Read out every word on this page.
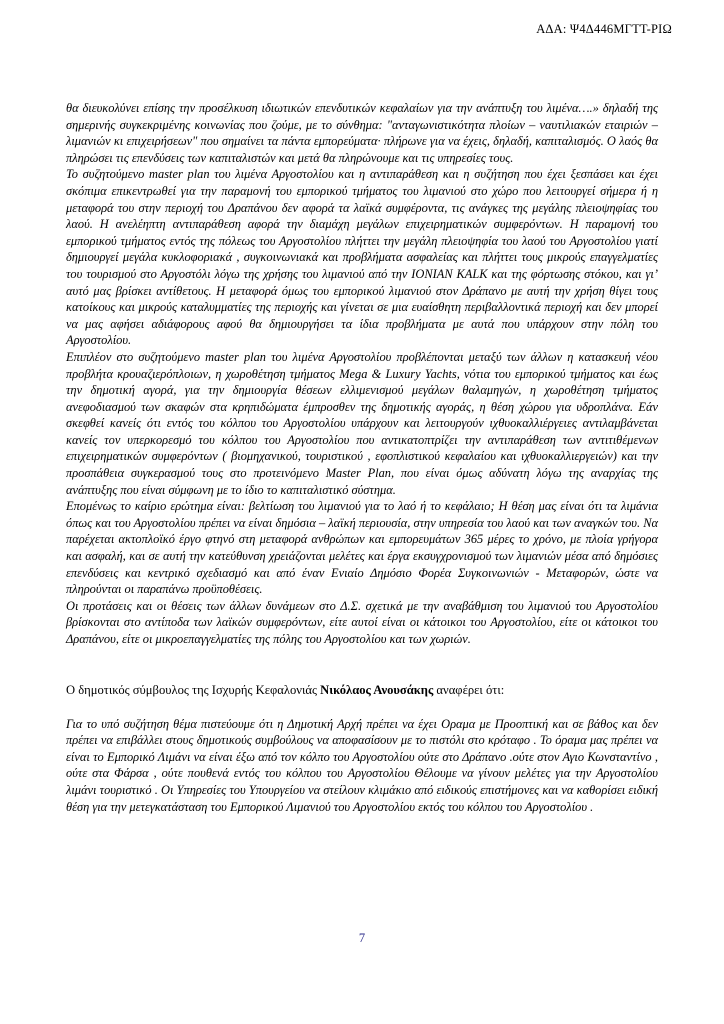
ΑΔΑ: Ψ4Δ446ΜΓΤΤ-ΡΙΩ

θα διευκολύνει επίσης την προσέλκυση ιδιωτικών επενδυτικών κεφαλαίων για την ανάπτυξη του λιμένα….» δηλαδή της σημερινής συγκεκριμένης κοινωνίας που ζούμε, με το σύνθημα: "ανταγωνιστικότητα πλοίων – ναυτιλιακών εταιριών – λιμανιών κι επιχειρήσεων" που σημαίνει τα πάντα εμπορεύματα· πλήρωνε για να έχεις, δηλαδή, καπιταλισμός. Ο λαός θα πληρώσει τις επενδύσεις των καπιταλιστών και μετά θα πληρώνουμε και τις υπηρεσίες τους.

Το συζητούμενο master plan του λιμένα Αργοστολίου και η αντιπαράθεση και η συζήτηση που έχει ξεσπάσει και έχει σκόπιμα επικεντρωθεί για την παραμονή του εμπορικού τμήματος του λιμανιού στο χώρο που λειτουργεί σήμερα ή η μεταφορά του στην περιοχή του Δραπάνου δεν αφορά τα λαϊκά συμφέροντα, τις ανάγκες της μεγάλης πλειοψηφίας του λαού. Η ανελέηπτη αντιπαράθεση αφορά την διαμάχη μεγάλων επιχειρηματικών συμφερόντων. Η παραμονή του εμπορικού τμήματος εντός της πόλεως του Αργοστολίου πλήττει την μεγάλη πλειοψηφία του λαού του Αργοστολίου γιατί δημιουργεί μεγάλα κυκλοφοριακά , συγκοινωνιακά και προβλήματα ασφαλείας και πλήττει τους μικρούς επαγγελματίες του τουρισμού στο Αργοστόλι λόγω της χρήσης του λιμανιού από την IONIAN KALK και της φόρτωσης στόκου, και γι’ αυτό μας βρίσκει αντίθετους. Η μεταφορά όμως του εμπορικού λιμανιού στον Δράπανο με αυτή την χρήση θίγει τους κατοίκους και μικρούς καταλυμματίες της περιοχής και γίνεται σε μια ευαίσθητη περιβαλλοντικά περιοχή και δεν μπορεί να μας αφήσει αδιάφορους αφού θα δημιουργήσει τα ίδια προβλήματα με αυτά που υπάρχουν στην πόλη του Αργοστολίου.

Επιπλέον στο συζητούμενο master plan του λιμένα Αργοστολίου προβλέπονται μεταξύ των άλλων η κατασκευή νέου προβλήτα κρουαζιερόπλοιων, η χωροθέτηση τμήματος Mega & Luxury Yachts, νότια του εμπορικού τμήματος και έως την δημοτική αγορά, για την δημιουργία θέσεων ελλιμενισμού μεγάλων θαλαμηγών, η χωροθέτηση τμήματος ανεφοδιασμού των σκαφών στα κρηπιδώματα έμπροσθεν της δημοτικής αγοράς, η θέση χώρου για υδροπλάνα. Εάν σκεφθεί κανείς ότι εντός του κόλπου του Αργοστολίου υπάρχουν και λειτουργούν ιχθυοκαλλιέργειες αντιλαμβάνεται κανείς τον υπερκορεσμό του κόλπου του Αργοστολίου που αντικατοπτρίζει την αντιπαράθεση των αντιτιθέμενων επιχειρηματικών συμφερόντων ( βιομηχανικού, τουριστικού , εφοπλιστικού κεφαλαίου και ιχθυοκαλλιεργειών) και την προσπάθεια συγκερασμού τους στο προτεινόμενο Master Plan, που είναι όμως αδύνατη λόγω της αναρχίας της ανάπτυξης που είναι σύμφωνη με το ίδιο το καπιταλιστικό σύστημα.

Επομένως το καίριο ερώτημα είναι: βελτίωση του λιμανιού για το λαό ή το κεφάλαιο; Η θέση μας είναι ότι τα λιμάνια όπως και του Αργοστολίου πρέπει να είναι δημόσια – λαϊκή περιουσία, στην υπηρεσία του λαού και των αναγκών του. Να παρέχεται ακτοπλοϊκό έργο φτηνό στη μεταφορά ανθρώπων και εμπορευμάτων 365 μέρες το χρόνο, με πλοία γρήγορα και ασφαλή, και σε αυτή την κατεύθυνση χρειάζονται μελέτες και έργα εκσυγχρονισμού των λιμανιών μέσα από δημόσιες επενδύσεις και κεντρικό σχεδιασμό και από έναν Ενιαίο Δημόσιο Φορέα Συγκοινωνιών - Μεταφορών, ώστε να πληρούνται οι παραπάνω προϋποθέσεις.

Οι προτάσεις και οι θέσεις των άλλων δυνάμεων στο Δ.Σ. σχετικά με την αναβάθμιση του λιμανιού του Αργοστολίου βρίσκονται στο αντίποδα των λαϊκών συμφερόντων, είτε αυτοί είναι οι κάτοικοι του Αργοστολίου, είτε οι κάτοικοι του Δραπάνου, είτε οι μικροεπαγγελματίες της πόλης του Αργοστολίου και των χωριών.

Ο δημοτικός σύμβουλος της Ισχυρής Κεφαλονιάς Νικόλαος Ανουσάκης αναφέρει ότι:

Για το υπό συζήτηση θέμα πιστεύουμε ότι η Δημοτική Αρχή πρέπει να έχει Οραμα με Προοπτική και σε βάθος και δεν πρέπει να επιβάλλει στους δημοτικούς συμβούλους να αποφασίσουν με το πιστόλι στο κρόταφο . Το όραμα μας πρέπει να είναι το Εμπορικό Λιμάνι να είναι έξω από τον κόλπο του Αργοστολίου ούτε στο Δράπανο .ούτε στον Αγιο Κωνσταντίνο , ούτε στα Φάρσα , ούτε πουθενά εντός του κόλπου του Αργοστολίου Θέλουμε να γίνουν μελέτες για την Αργοστολίου λιμάνι τουριστικό . Οι Υπηρεσίες του Υπουργείου να στείλουν κλιμάκιο από ειδικούς επιστήμονες και να καθορίσει ειδική θέση για την μετεγκατάσταση του Εμπορικού Λιμανιού του Αργοστολίου εκτός του κόλπου του Αργοστολίου .

7
